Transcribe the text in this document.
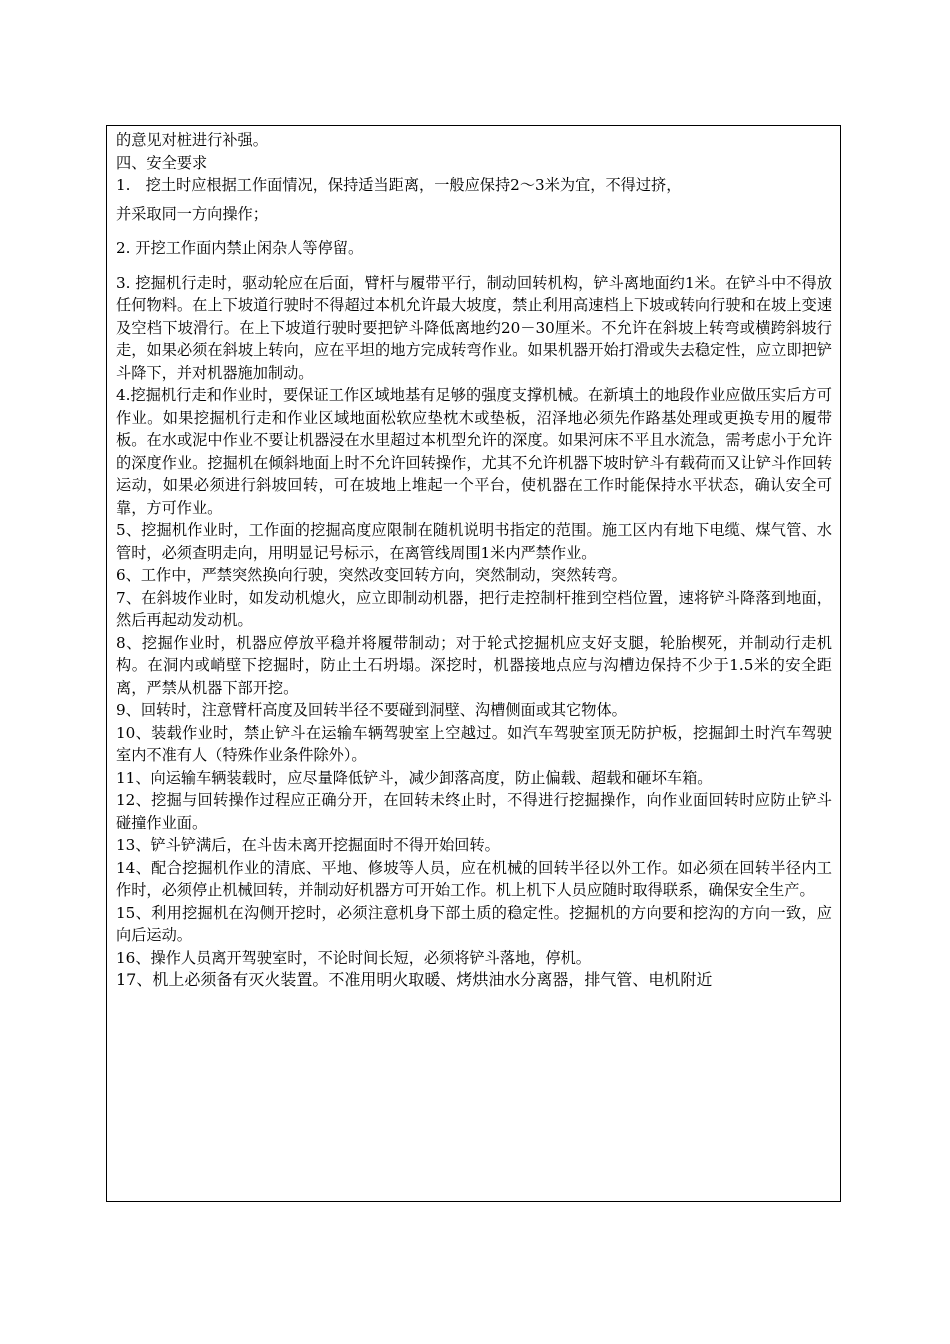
的意见对桩进行补强。

四、安全要求

1.　挖土时应根据工作面情况，保持适当距离，一般应保持2～3米为宜，不得过挤，

并采取同一方向操作；

2. 开挖工作面内禁止闲杂人等停留。

3. 挖掘机行走时，驱动轮应在后面，臂杆与履带平行，制动回转机构，铲斗离地面约1米。在铲斗中不得放任何物料。在上下坡道行驶时不得超过本机允许最大坡度，禁止利用高速档上下坡或转向行驶和在坡上变速及空档下坡滑行。在上下坡道行驶时要把铲斗降低离地约20－30厘米。不允许在斜坡上转弯或横跨斜坡行走，如果必须在斜坡上转向，应在平坦的地方完成转弯作业。如果机器开始打滑或失去稳定性，应立即把铲斗降下，并对机器施加制动。

4.挖掘机行走和作业时，要保证工作区域地基有足够的强度支撑机械。在新填土的地段作业应做压实后方可作业。如果挖掘机行走和作业区域地面松软应垫枕木或垫板，沼泽地必须先作路基处理或更换专用的履带板。在水或泥中作业不要让机器浸在水里超过本机型允许的深度。如果河床不平且水流急，需考虑小于允许的深度作业。挖掘机在倾斜地面上时不允许回转操作，尤其不允许机器下坡时铲斗有载荷而又让铲斗作回转运动，如果必须进行斜坡回转，可在坡地上堆起一个平台，使机器在工作时能保持水平状态，确认安全可靠，方可作业。

5、挖掘机作业时，工作面的挖掘高度应限制在随机说明书指定的范围。施工区内有地下电缆、煤气管、水管时，必须查明走向，用明显记号标示，在离管线周围1米内严禁作业。

6、工作中，严禁突然换向行驶，突然改变回转方向，突然制动，突然转弯。

7、在斜坡作业时，如发动机熄火，应立即制动机器，把行走控制杆推到空档位置，速将铲斗降落到地面，然后再起动发动机。

8、挖掘作业时，机器应停放平稳并将履带制动；对于轮式挖掘机应支好支腿，轮胎楔死，并制动行走机构。在洞内或峭壁下挖掘时，防止土石坍塌。深挖时，机器接地点应与沟槽边保持不少于1.5米的安全距离，严禁从机器下部开挖。

9、回转时，注意臂杆高度及回转半径不要碰到洞壁、沟槽侧面或其它物体。

10、装载作业时，禁止铲斗在运输车辆驾驶室上空越过。如汽车驾驶室顶无防护板，挖掘卸土时汽车驾驶室内不准有人（特殊作业条件除外）。

11、向运输车辆装载时，应尽量降低铲斗，减少卸落高度，防止偏载、超载和砸坏车箱。

12、挖掘与回转操作过程应正确分开，在回转未终止时，不得进行挖掘操作，向作业面回转时应防止铲斗碰撞作业面。

13、铲斗铲满后，在斗齿未离开挖掘面时不得开始回转。

14、配合挖掘机作业的清底、平地、修坡等人员，应在机械的回转半径以外工作。如必须在回转半径内工作时，必须停止机械回转，并制动好机器方可开始工作。机上机下人员应随时取得联系，确保安全生产。

15、利用挖掘机在沟侧开挖时，必须注意机身下部土质的稳定性。挖掘机的方向要和挖沟的方向一致，应向后运动。

16、操作人员离开驾驶室时，不论时间长短，必须将铲斗落地，停机。

17、机上必须备有灭火装置。不准用明火取暖、烤烘油水分离器，排气管、电机附近
